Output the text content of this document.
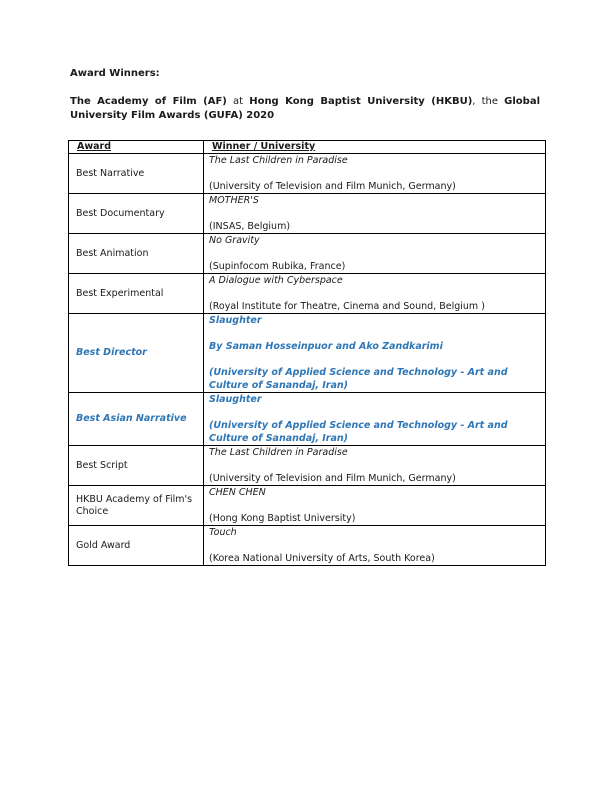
Award Winners:
The Academy of Film (AF) at Hong Kong Baptist University (HKBU), the Global
University Film Awards (GUFA) 2020
Award	Winner / University
Best Narrative	The Last Children in Paradise
(University of Television and Film Munich, Germany)

Best Documentary	MOTHER'S
(INSAS, Belgium)

Best Animation	No Gravity
(Supinfocom Rubika, France)

Best Experimental	A Dialogue with Cyberspace
(Royal Institute for Theatre, Cinema and Sound, Belgium )

Best Director	Slaughter
By Saman Hosseinpuor and Ako Zandkarimi
(University of Applied Science and Technology - Art and Culture of Sanandaj, Iran)

Best Asian Narrative	Slaughter
(University of Applied Science and Technology - Art and Culture of Sanandaj, Iran)

Best Script	The Last Children in Paradise
(University of Television and Film Munich, Germany)

HKBU Academy of Film's Choice	CHEN CHEN
(Hong Kong Baptist University)

Gold Award	Touch
(Korea National University of Arts, South Korea)
